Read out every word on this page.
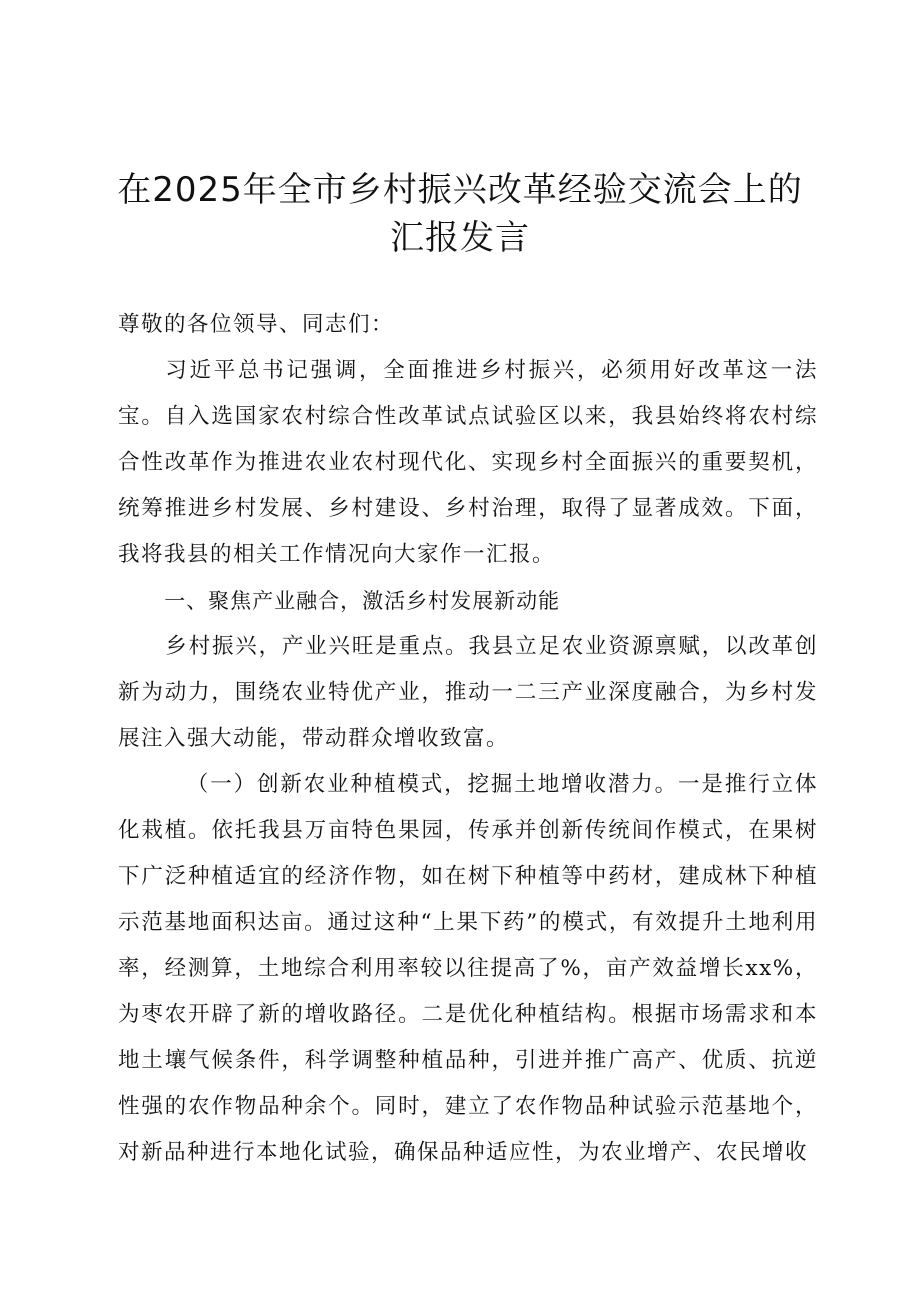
在2025年全市乡村振兴改革经验交流会上的
汇报发言

尊敬的各位领导、同志们：

习近平总书记强调，全面推进乡村振兴，必须用好改革这一法宝。自入选国家农村综合性改革试点试验区以来，我县始终将农村综合性改革作为推进农业农村现代化、实现乡村全面振兴的重要契机，统筹推进乡村发展、乡村建设、乡村治理，取得了显著成效。下面，我将我县的相关工作情况向大家作一汇报。

一、聚焦产业融合，激活乡村发展新动能

乡村振兴，产业兴旺是重点。我县立足农业资源禀赋，以改革创新为动力，围绕农业特优产业，推动一二三产业深度融合，为乡村发展注入强大动能，带动群众增收致富。

（一）创新农业种植模式，挖掘土地增收潜力。一是推行立体化栽植。依托我县万亩特色果园，传承并创新传统间作模式，在果树下广泛种植适宜的经济作物，如在树下种植等中药材，建成林下种植示范基地面积达亩。通过这种“上果下药”的模式，有效提升土地利用率，经测算，土地综合利用率较以往提高了%，亩产效益增长xx%，为枣农开辟了新的增收路径。二是优化种植结构。根据市场需求和本地土壤气候条件，科学调整种植品种，引进并推广高产、优质、抗逆性强的农作物品种余个。同时，建立了农作物品种试验示范基地个，对新品种进行本地化试验，确保品种适应性，为农业增产、农民增收
